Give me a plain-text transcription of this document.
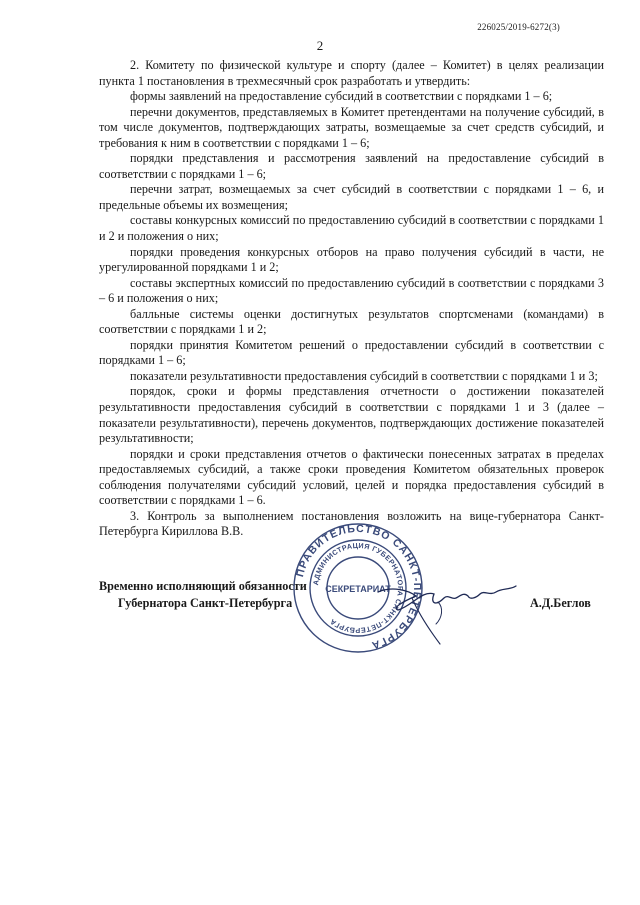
226025/2019-6272(3)
2

2. Комитету по физической культуре и спорту (далее – Комитет) в целях реализации пункта 1 постановления в трехмесячный срок разработать и утвердить:

формы заявлений на предоставление субсидий в соответствии с порядками 1 – 6;

перечни документов, представляемых в Комитет претендентами на получение субсидий, в том числе документов, подтверждающих затраты, возмещаемые за счет средств субсидий, и требования к ним в соответствии с порядками 1 – 6;

порядки представления и рассмотрения заявлений на предоставление субсидий в соответствии с порядками 1 – 6;

перечни затрат, возмещаемых за счет субсидий в соответствии с порядками 1 – 6, и предельные объемы их возмещения;

составы конкурсных комиссий по предоставлению субсидий в соответствии с порядками 1 и 2 и положения о них;

порядки проведения конкурсных отборов на право получения субсидий в части, не урегулированной порядками 1 и 2;

составы экспертных комиссий по предоставлению субсидий в соответствии с порядками 3 – 6 и положения о них;

балльные системы оценки достигнутых результатов спортсменами (командами) в соответствии с порядками 1 и 2;

порядки принятия Комитетом решений о предоставлении субсидий в соответствии с порядками 1 – 6;

показатели результативности предоставления субсидий в соответствии с порядками 1 и 3;

порядок, сроки и формы представления отчетности о достижении показателей результативности предоставления субсидий в соответствии с порядками 1 и 3 (далее – показатели результативности), перечень документов, подтверждающих достижение показателей результативности;

порядки и сроки представления отчетов о фактически понесенных затратах в пределах предоставляемых субсидий, а также сроки проведения Комитетом обязательных проверок соблюдения получателями субсидий условий, целей и порядка предоставления субсидий в соответствии с порядками 1 – 6.

3. Контроль за выполнением постановления возложить на вице-губернатора Санкт-Петербурга Кириллова В.В.

Временно исполняющий обязанности
Губернатора Санкт-Петербурга	А.Д.Беглов
ПРАВИТЕЛЬСТВО САНКТ-ПЕТЕРБУРГА
АДМИНИСТРАЦИЯ ГУБЕРНАТОРА САНКТ-ПЕТЕРБУРГА
СЕКРЕТАРИАТ
